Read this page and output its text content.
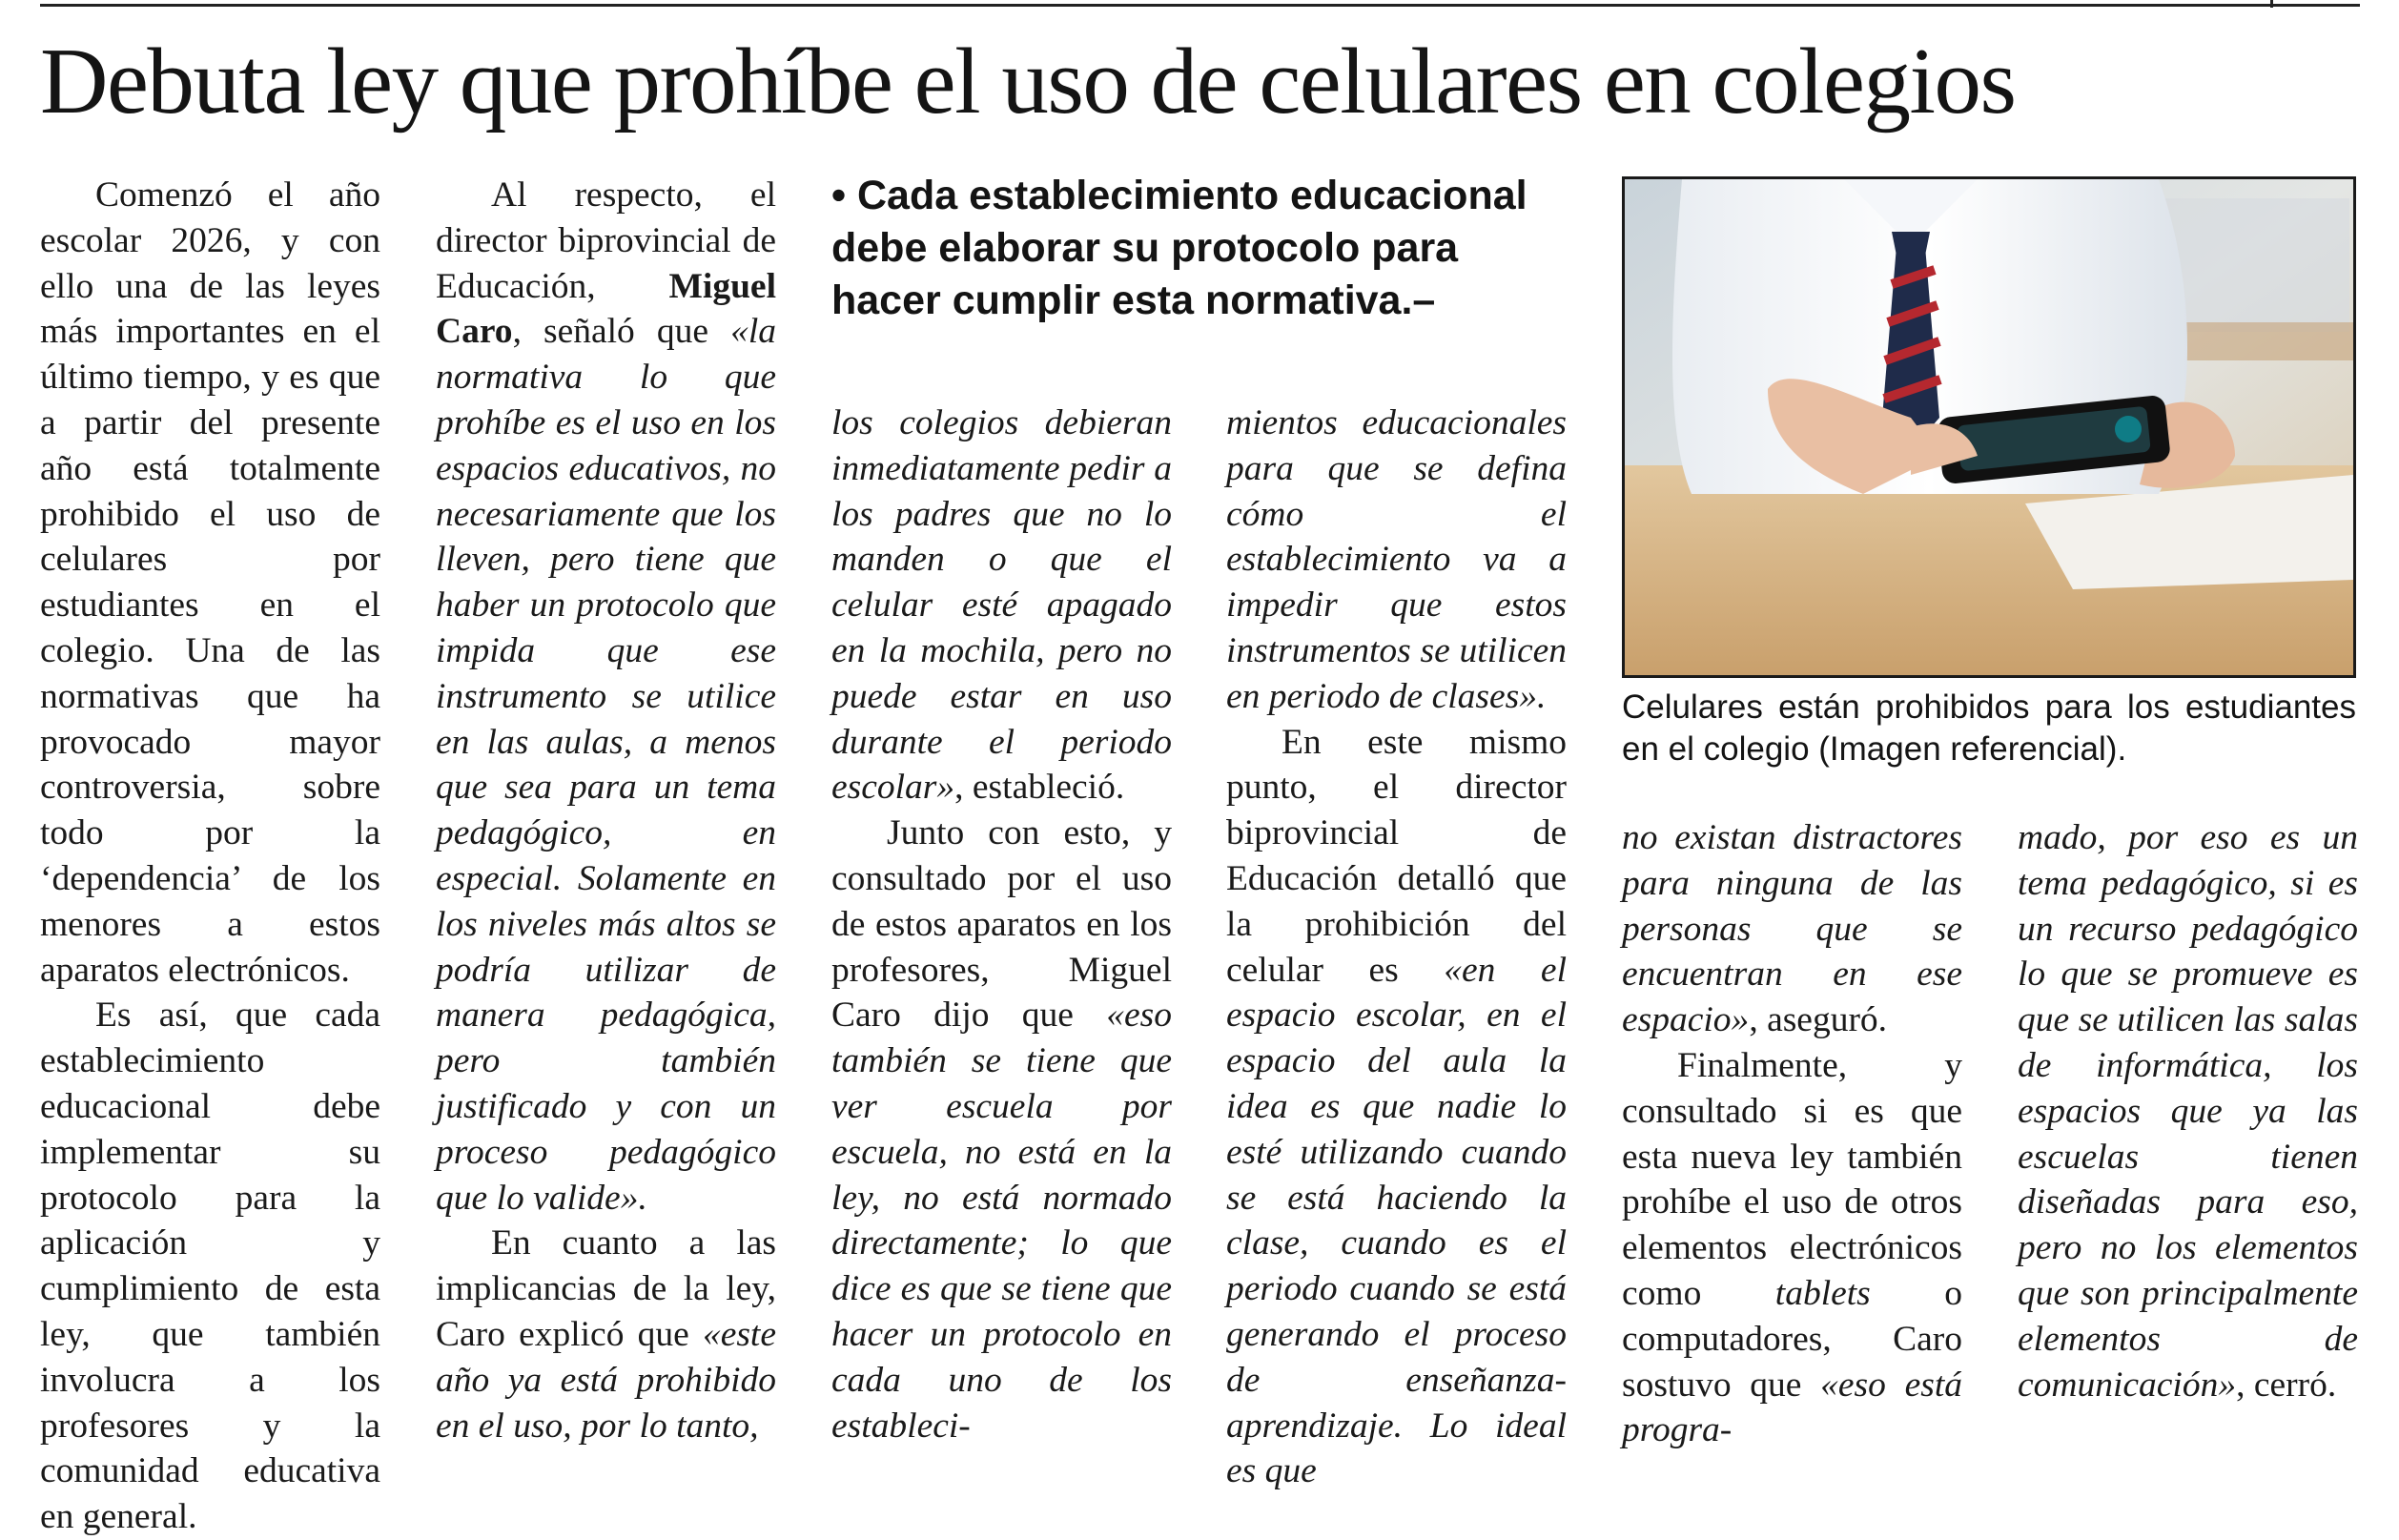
Debuta ley que prohíbe el uso de celulares en colegios

Comenzó el año escolar 2026, y con ello una de las leyes más importantes en el último tiempo, y es que a partir del presente año está totalmente prohibido el uso de celulares por estudiantes en el colegio. Una de las normativas que ha provocado mayor controversia, sobre todo por la ‘dependencia’ de los menores a estos aparatos electrónicos.

Es así, que cada establecimiento educacional debe implementar su protocolo para la aplicación y cumplimiento de esta ley, que también involucra a los profesores y la comunidad educativa en general.

Al respecto, el director biprovincial de Educación, Miguel Caro, señaló que «la normativa lo que prohíbe es el uso en los espacios educativos, no necesariamente que los lleven, pero tiene que haber un protocolo que impida que ese instrumento se utilice en las aulas, a menos que sea para un tema pedagógico, en especial. Solamente en los niveles más altos se podría utilizar de manera pedagógica, pero también justificado y con un proceso pedagógico que lo valide».

En cuanto a las implicancias de la ley, Caro explicó que «este año ya está prohibido en el uso, por lo tanto,

• Cada establecimiento educacional debe elaborar su protocolo para hacer cumplir esta normativa.–

los colegios debieran inmediatamente pedir a los padres que no lo manden o que el celular esté apagado en la mochila, pero no puede estar en uso durante el periodo escolar», estableció.

Junto con esto, y consultado por el uso de estos aparatos en los profesores, Miguel Caro dijo que «eso también se tiene que ver escuela por escuela, no está en la ley, no está normado directamente; lo que dice es que se tiene que hacer un protocolo en cada uno de los estableci-

mientos educacionales para que se defina cómo el establecimiento va a impedir que estos instrumentos se utilicen en periodo de clases».

En este mismo punto, el director biprovincial de Educación detalló que la prohibición del celular es «en el espacio escolar, en el espacio del aula la idea es que nadie lo esté utilizando cuando se está haciendo la clase, cuando es el periodo cuando se está generando el proceso de enseñanza- aprendizaje. Lo ideal es que

Celulares están prohibidos para los estudiantes en el colegio (Imagen referencial).

no existan distractores para ninguna de las personas que se encuentran en ese espacio», aseguró.

Finalmente, y consultado si es que esta nueva ley también prohíbe el uso de otros elementos electrónicos como tablets o computadores, Caro sostuvo que «eso está progra-

mado, por eso es un tema pedagógico, si es un recurso pedagógico lo que se promueve es que se utilicen las salas de informática, los espacios que ya las escuelas tienen diseñadas para eso, pero no los elementos que son principalmente elementos de comunicación», cerró.
